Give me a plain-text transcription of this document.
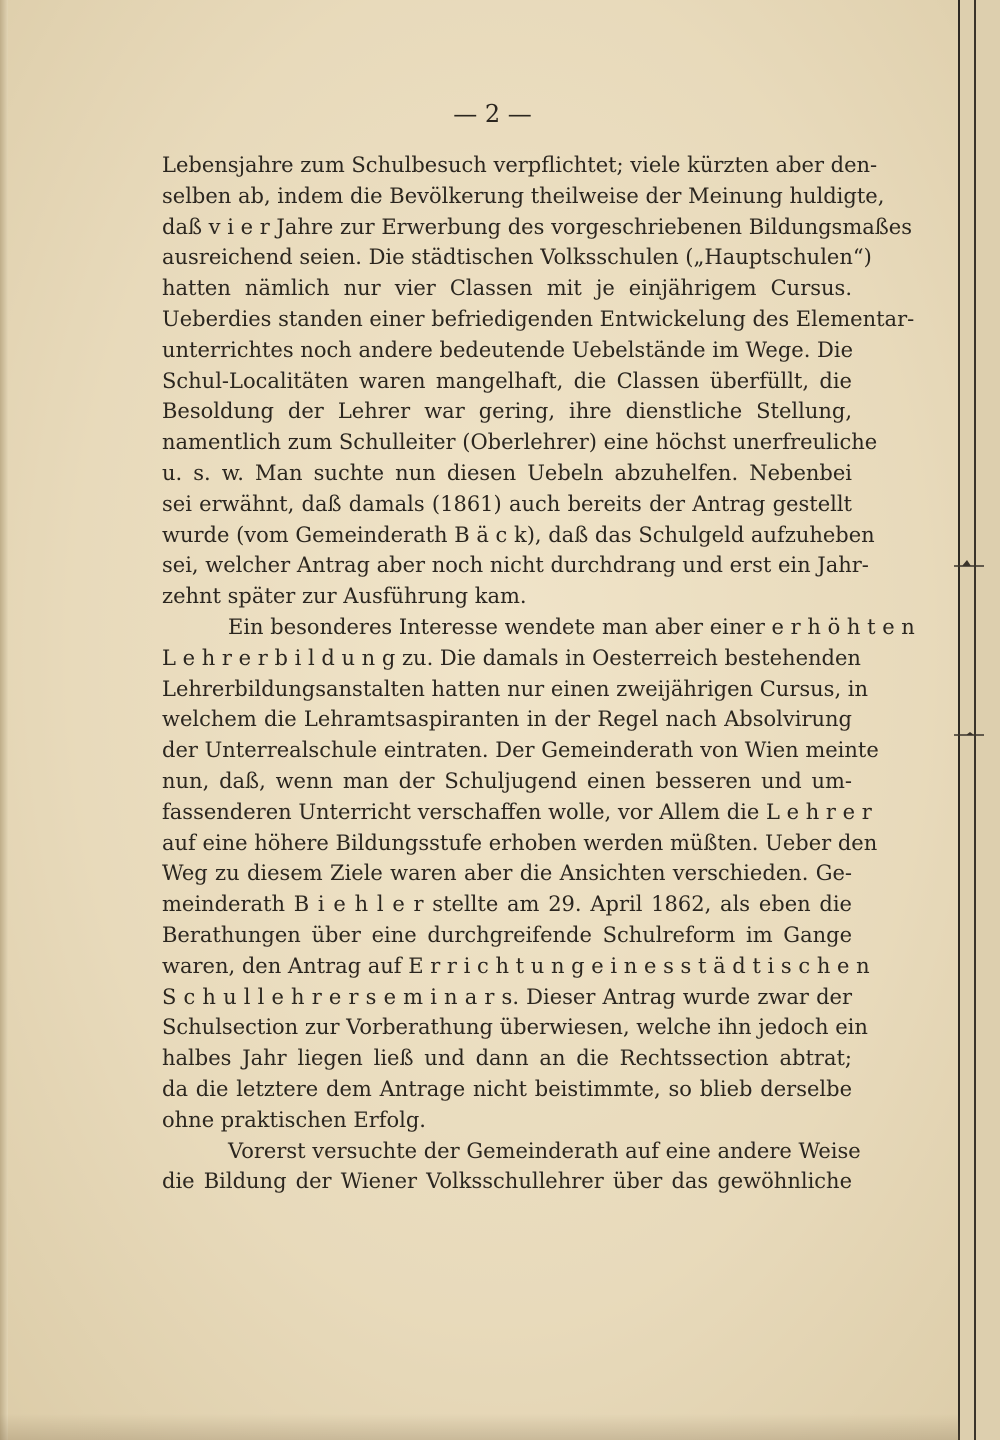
— 2 —
Lebensjahre zum Schulbesuch verpflichtet; viele kürzten aber den-
selben ab, indem die Bevölkerung theilweise der Meinung huldigte,
daß v i e r Jahre zur Erwerbung des vorgeschriebenen Bildungsmaßes
ausreichend seien. Die städtischen Volksschulen („Hauptschulen“)
hatten nämlich nur vier Classen mit je einjährigem Cursus.
Ueberdies standen einer befriedigenden Entwickelung des Elementar-
unterrichtes noch andere bedeutende Uebelstände im Wege. Die
Schul-Localitäten waren mangelhaft, die Classen überfüllt, die
Besoldung der Lehrer war gering, ihre dienstliche Stellung,
namentlich zum Schulleiter (Oberlehrer) eine höchst unerfreuliche
u. s. w. Man suchte nun diesen Uebeln abzuhelfen. Nebenbei
sei erwähnt, daß damals (1861) auch bereits der Antrag gestellt
wurde (vom Gemeinderath B ä c k), daß das Schulgeld aufzuheben
sei, welcher Antrag aber noch nicht durchdrang und erst ein Jahr-
zehnt später zur Ausführung kam.
Ein besonderes Interesse wendete man aber einer e r h ö h t e n
L e h r e r b i l d u n g zu. Die damals in Oesterreich bestehenden
Lehrerbildungsanstalten hatten nur einen zweijährigen Cursus, in
welchem die Lehramtsaspiranten in der Regel nach Absolvirung
der Unterrealschule eintraten. Der Gemeinderath von Wien meinte
nun, daß, wenn man der Schuljugend einen besseren und um-
fassenderen Unterricht verschaffen wolle, vor Allem die L e h r e r
auf eine höhere Bildungsstufe erhoben werden müßten. Ueber den
Weg zu diesem Ziele waren aber die Ansichten verschieden. Ge-
meinderath B i e h l e r stellte am 29. April 1862, als eben die
Berathungen über eine durchgreifende Schulreform im Gange
waren, den Antrag auf E r r i c h t u n g e i n e s s t ä d t i s c h e n
S c h u l l e h r e r s e m i n a r s. Dieser Antrag wurde zwar der
Schulsection zur Vorberathung überwiesen, welche ihn jedoch ein
halbes Jahr liegen ließ und dann an die Rechtssection abtrat;
da die letztere dem Antrage nicht beistimmte, so blieb derselbe
ohne praktischen Erfolg.
Vorerst versuchte der Gemeinderath auf eine andere Weise
die Bildung der Wiener Volksschullehrer über das gewöhnliche
